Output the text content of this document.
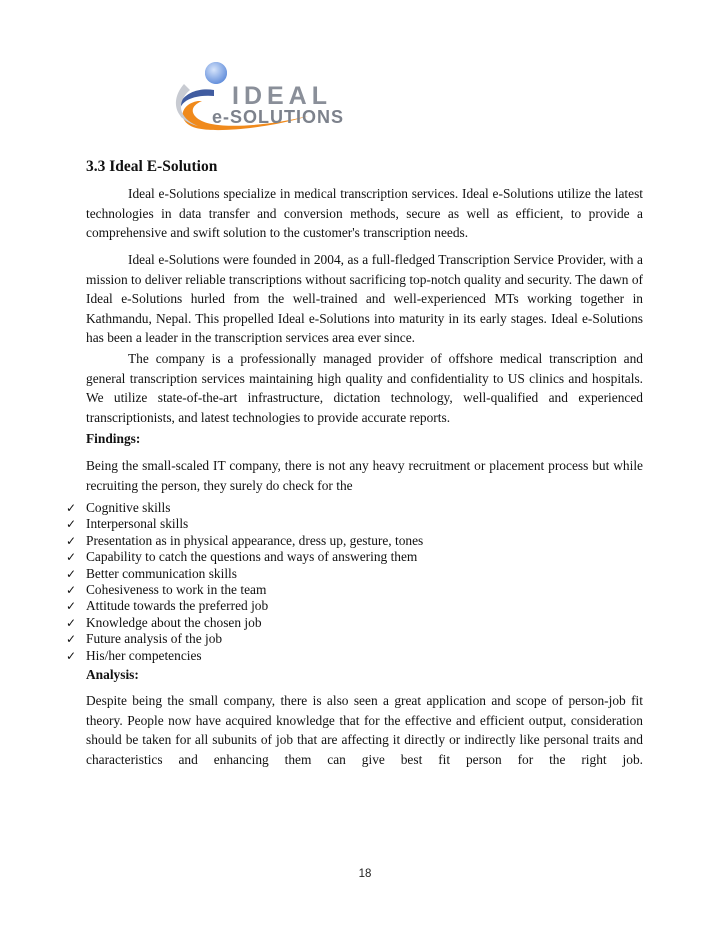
IDEAL
e-SOLUTIONS
3.3 Ideal E-Solution

Ideal e-Solutions specialize in medical transcription services. Ideal e-Solutions utilize the latest technologies in data transfer and conversion methods, secure as well as efficient, to provide a comprehensive and swift solution to the customer's transcription needs.

Ideal e-Solutions were founded in 2004, as a full-fledged Transcription Service Provider, with a mission to deliver reliable transcriptions without sacrificing top-notch quality and security. The dawn of Ideal e-Solutions hurled from the well-trained and well-experienced MTs working together in Kathmandu, Nepal. This propelled Ideal e-Solutions into maturity in its early stages. Ideal e-Solutions has been a leader in the transcription services area ever since.

The company is a professionally managed provider of offshore medical transcription and general transcription services maintaining high quality and confidentiality to US clinics and hospitals. We utilize state-of-the-art infrastructure, dictation technology, well-qualified and experienced transcriptionists, and latest technologies to provide accurate reports.

Findings:

Being the small-scaled IT company, there is not any heavy recruitment or placement process but while recruiting the person, they surely do check for the

✓ Cognitive skills
✓ Interpersonal skills
✓ Presentation as in physical appearance, dress up, gesture, tones
✓ Capability to catch the questions and ways of answering them
✓ Better communication skills
✓ Cohesiveness to work in the team
✓ Attitude towards the preferred job
✓ Knowledge about the chosen job
✓ Future analysis of the job
✓ His/her competencies
Analysis:

Despite being the small company, there is also seen a great application and scope of person-job fit theory. People now have acquired knowledge that for the effective and efficient output, consideration should be taken for all subunits of job that are affecting it directly or indirectly like personal traits and characteristics and enhancing them can give best fit person for the right job.

18
